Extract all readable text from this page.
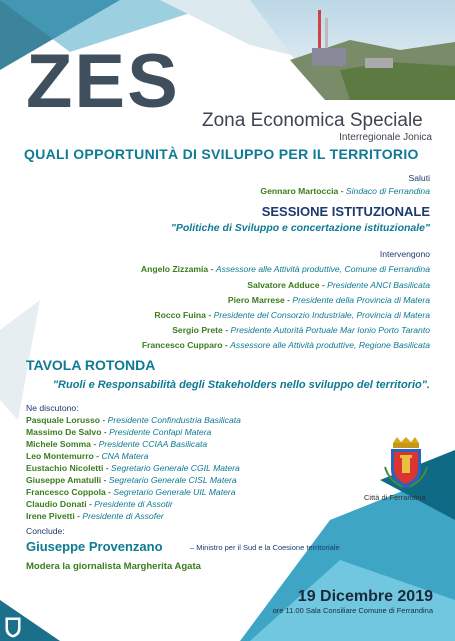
ZES Zona Economica Speciale
Interregionale Jonica
QUALI OPPORTUNITÀ DI SVILUPPO PER IL TERRITORIO
Saluti
Gennaro Martoccia - Sindaco di Ferrandina
SESSIONE ISTITUZIONALE
"Politiche di Sviluppo e concertazione istituzionale"
Intervengono
Angelo Zizzamia - Assessore alle Attività produttive, Comune di Ferrandina
Salvatore Adduce - Presidente ANCI Basilicata
Piero Marrese - Presidente della Provincia di Matera
Rocco Fuina - Presidente del Consorzio Industriale, Provincia di Matera
Sergio Prete - Presidente Autorità Portuale Mar Ionio Porto Taranto
Francesco Cupparo - Assessore alle Attività produttive, Regione Basilicata
TAVOLA ROTONDA
"Ruoli e Responsabilità degli Stakeholders nello sviluppo del territorio".
Ne discutono:
Pasquale Lorusso - Presidente Confindustria Basilicata
Massimo De Salvo - Presidente Confapi Matera
Michele Somma - Presidente CCIAA Basilicata
Leo Montemurro - CNA Matera
Eustachio Nicoletti - Segretario Generale CGIL Matera
Giuseppe Amatulli - Segretario Generale CISL Matera
Francesco Coppola - Segretario Generale UIL Matera
Claudio Donati - Presidente di Assotir
Irene Pivetti - Presidente di Assofer
Città di Ferrandina
Conclude:
Giuseppe Provenzano	– Ministro per il Sud e la Coesione territoriale
Modera la giornalista Margherita Agata
19 Dicembre 2019
ore 11.00 Sala Consiliare Comune di Ferrandina
